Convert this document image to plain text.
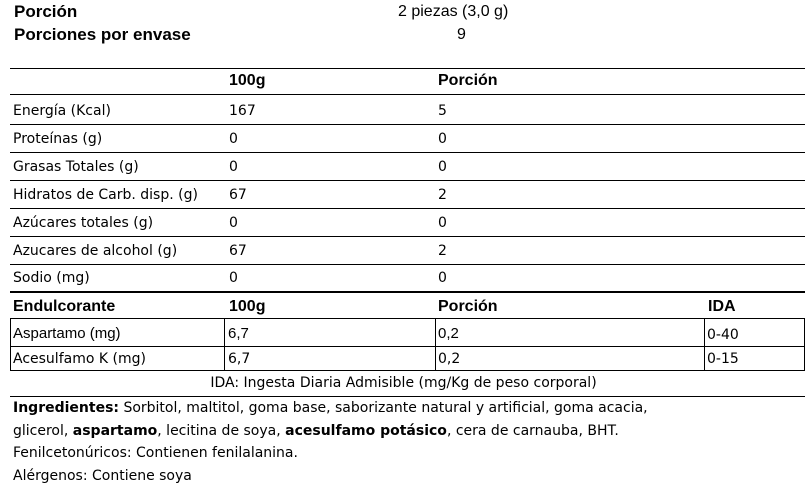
Porción	2 piezas (3,0 g)
Porciones por envase	9
100g	Porción
Energía (Kcal)	167	5
Proteínas (g)	0	0
Grasas Totales (g)	0	0
Hidratos de Carb. disp. (g) 67	2
Azúcares totales (g)	0	0
Azucares de alcohol (g)	67	2
Sodio (mg)	0	0
Endulcorante	100g	Porción	IDA
Aspartamo (mg)	6,7	0,2	0-40
Acesulfamo K (mg)	6,7	0,2	0-15
IDA: Ingesta Diaria Admisible (mg/Kg de peso corporal)
Ingredientes: Sorbitol, maltitol, goma base, saborizante natural y artificial, goma acacia,
glicerol, aspartamo, lecitina de soya, acesulfamo potásico, cera de carnauba, BHT.
Fenilcetonúricos: Contienen fenilalanina.
Alérgenos: Contiene soya
